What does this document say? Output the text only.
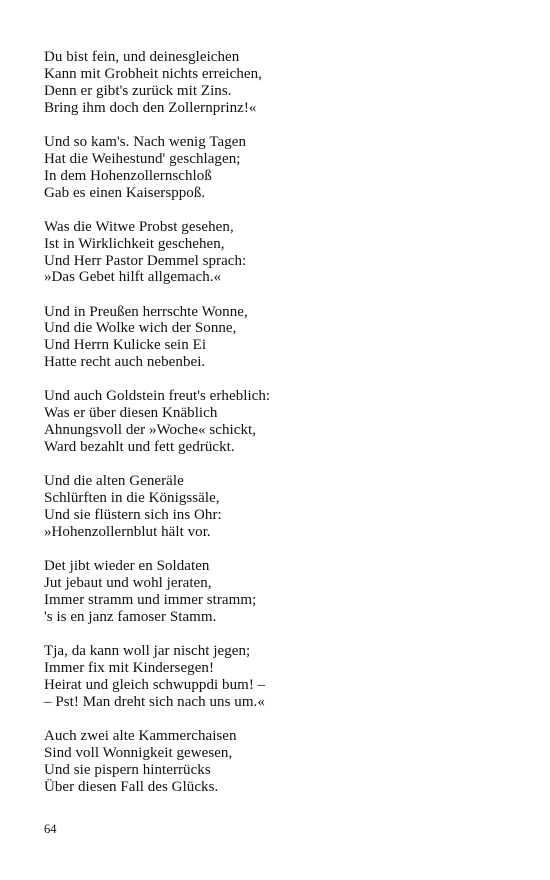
Du bist fein, und deinesgleichen
Kann mit Grobheit nichts erreichen,
Denn er gibt's zurück mit Zins.
Bring ihm doch den Zollernprinz!«
Und so kam's. Nach wenig Tagen
Hat die Weihestund' geschlagen;
In dem Hohenzollernschloß
Gab es einen Kaiserspроß.
Was die Witwe Probst gesehen,
Ist in Wirklichkeit geschehen,
Und Herr Pastor Demmel sprach:
»Das Gebet hilft allgemach.«
Und in Preußen herrschte Wonne,
Und die Wolke wich der Sonne,
Und Herrn Kulicke sein Ei
Hatte recht auch nebenbei.
Und auch Goldstein freut's erheblich:
Was er über diesen Knäblich
Ahnungsvoll der »Woche« schickt,
Ward bezahlt und fett gedrückt.
Und die alten Generäle
Schlürften in die Königssäle,
Und sie flüstern sich ins Ohr:
»Hohenzollernblut hält vor.
Det jibt wieder en Soldaten
Jut jebaut und wohl jeraten,
Immer stramm und immer stramm;
's is en janz famoser Stamm.
Tja, da kann woll jar nischt jegen;
Immer fix mit Kindersegen!
Heirat und gleich schwuppdi bum! –
– Pst! Man dreht sich nach uns um.«
Auch zwei alte Kammerchaisen
Sind voll Wonnigkeit gewesen,
Und sie pispern hinterrücks
Über diesen Fall des Glücks.
64
